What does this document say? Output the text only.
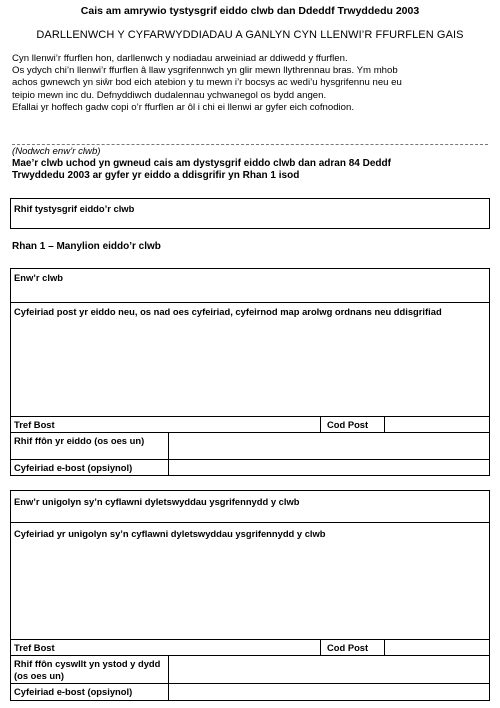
Cais am amrywio tystysgrif eiddo clwb dan Ddeddf Trwyddedu 2003
DARLLENWCH Y CYFARWYDDIADAU A GANLYN CYN LLENWI’R FFURFLEN GAIS
Cyn llenwi’r ffurflen hon, darllenwch y nodiadau arweiniad ar ddiwedd y ffurflen.
Os ydych chi’n llenwi’r ffurflen â llaw ysgrifennwch yn glir mewn llythrennau bras. Ym mhob
achos gwnewch yn siŵr bod eich atebion y tu mewn i’r bocsys ac wedi’u hysgrifennu neu eu
teipio mewn inc du. Defnyddiwch dudalennau ychwanegol os bydd angen.
Efallai yr hoffech gadw copi o’r ffurflen ar ôl i chi ei llenwi ar gyfer eich cofnodion.
(Nodwch enw’r clwb)
Mae’r clwb uchod yn gwneud cais am dystysgrif eiddo clwb dan adran 84 Deddf
Trwyddedu 2003 ar gyfer yr eiddo a ddisgrifir yn Rhan 1 isod
Rhif tystysgrif eiddo’r clwb
Rhan 1 – Manylion eiddo’r clwb
Enw’r clwb
Cyfeiriad post yr eiddo neu, os nad oes cyfeiriad, cyfeirnod map arolwg ordnans neu ddisgrifiad
Tref Bost	Cod Post
Rhif ffôn yr eiddo (os oes un)
Cyfeiriad e-bost (opsiynol)
Enw’r unigolyn sy’n cyflawni dyletswyddau ysgrifennydd y clwb
Cyfeiriad yr unigolyn sy’n cyflawni dyletswyddau ysgrifennydd y clwb
Tref Bost	Cod Post
Rhif ffôn cyswllt yn ystod y dydd (os oes un)
Cyfeiriad e-bost (opsiynol)
